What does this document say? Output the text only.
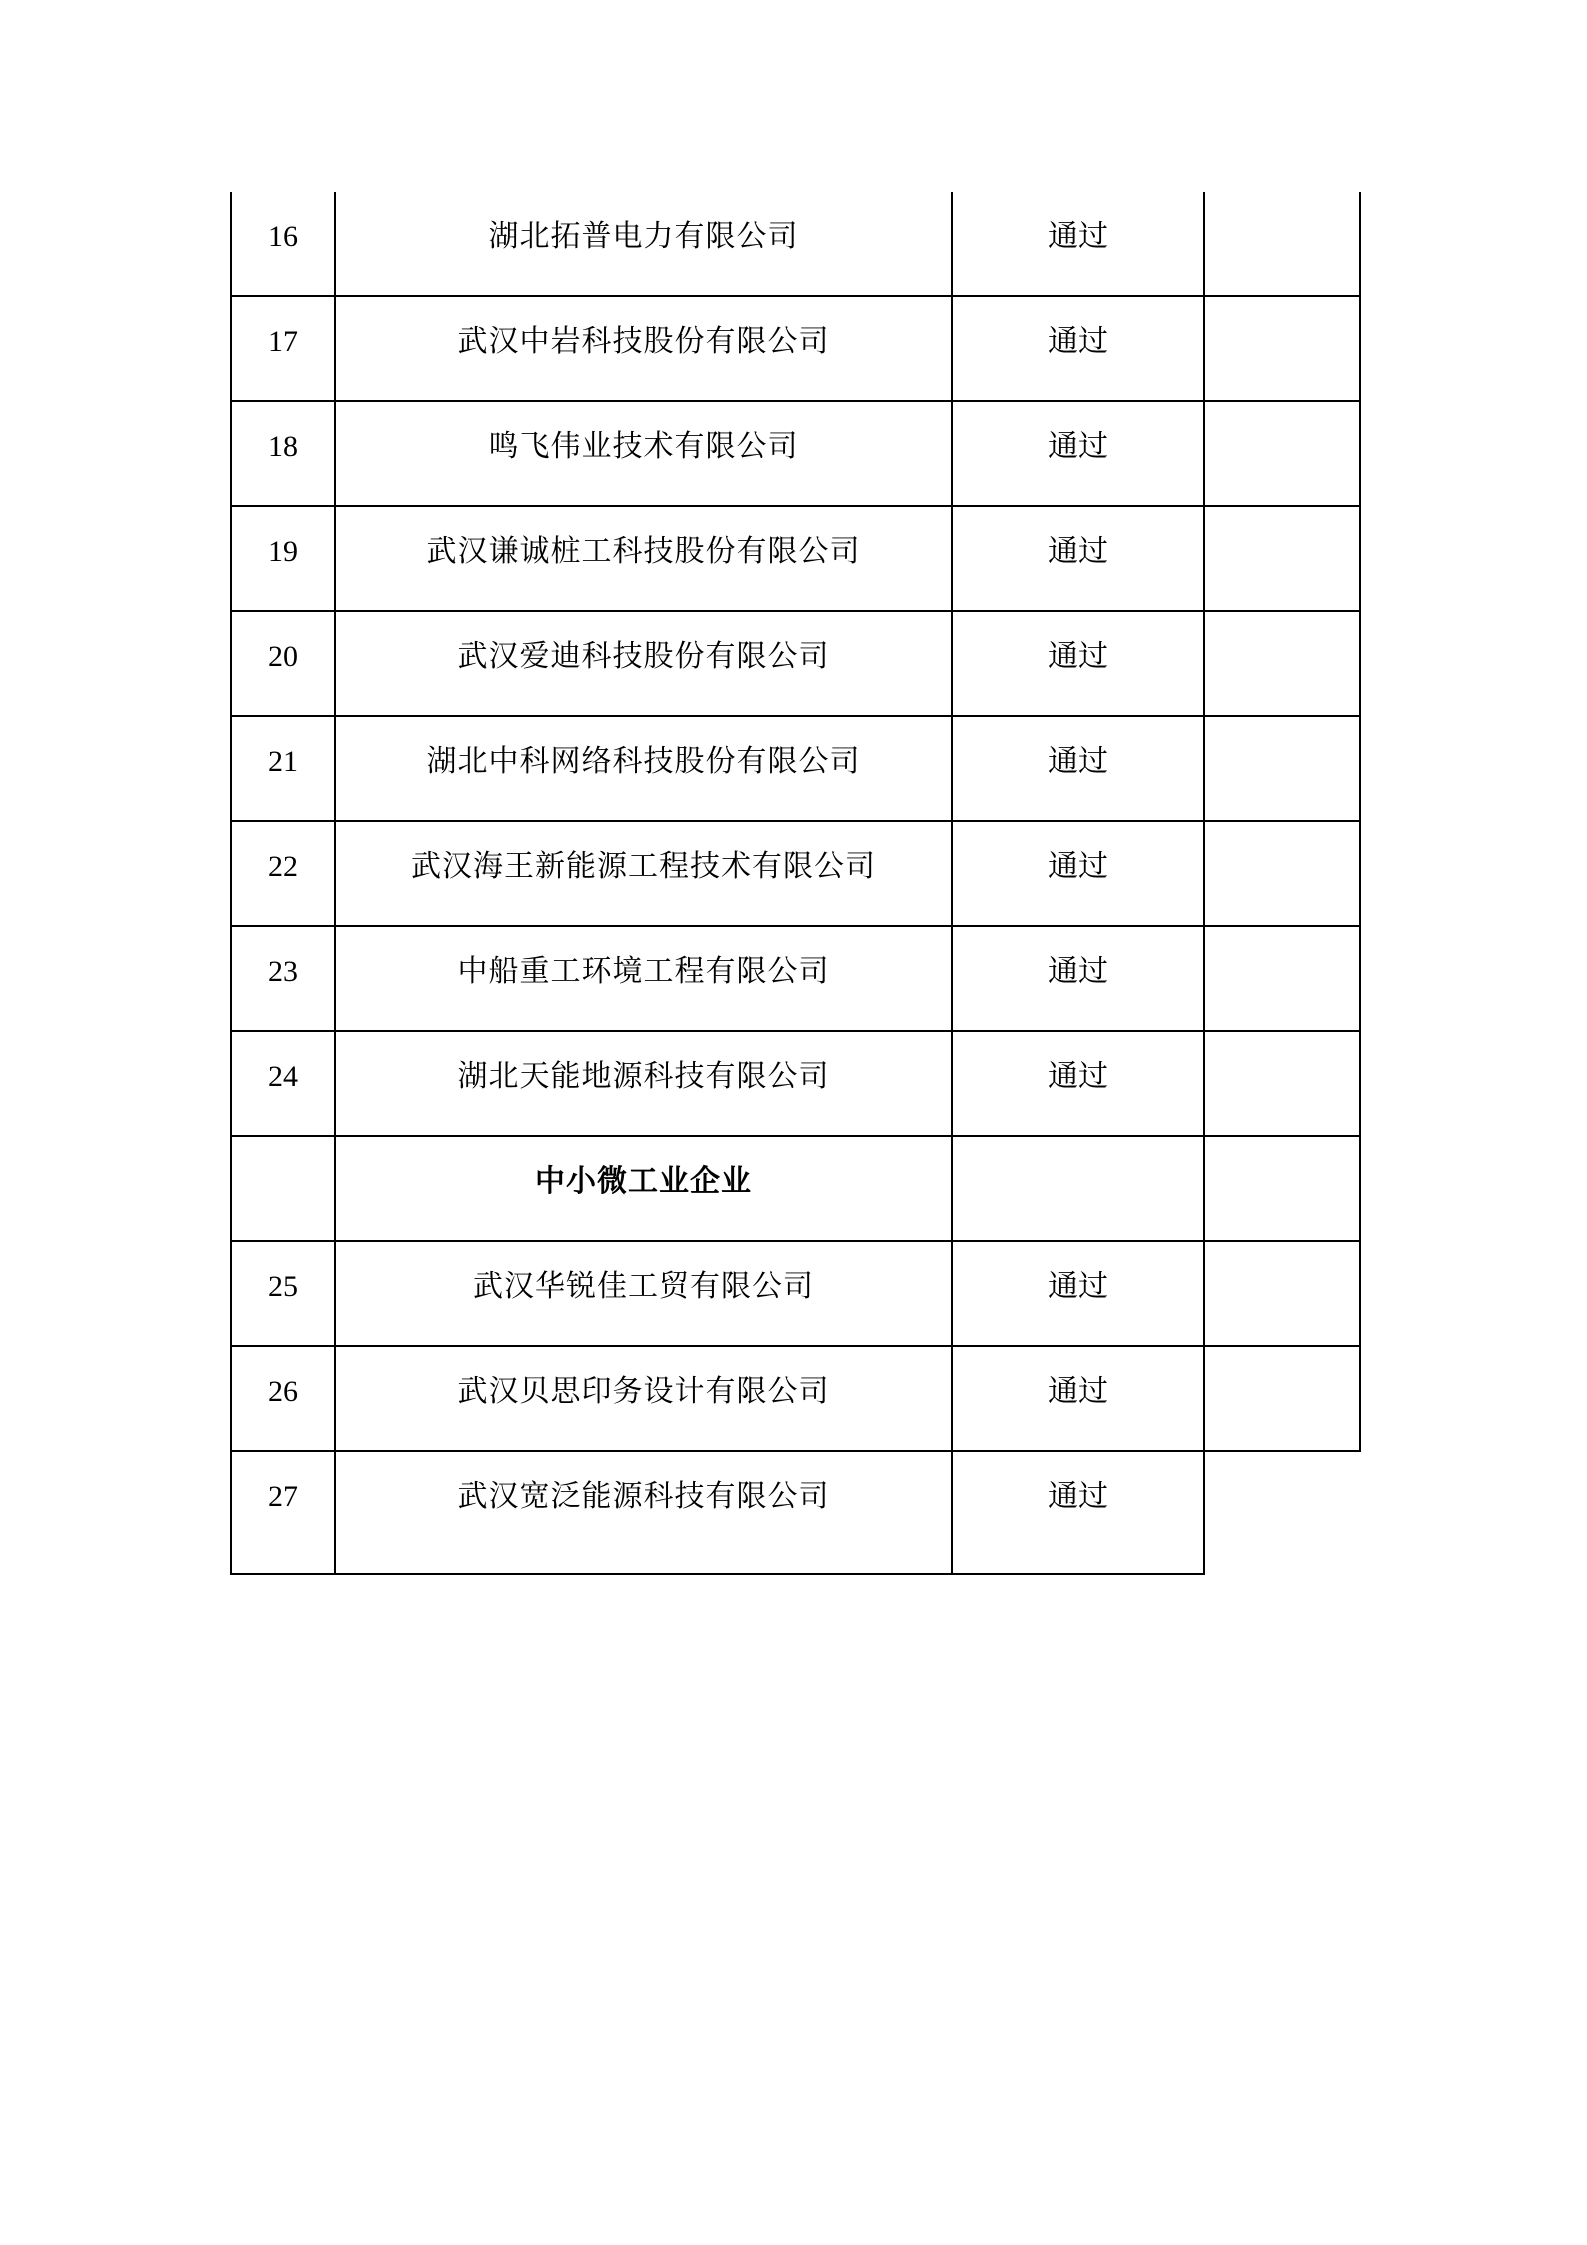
16	湖北拓普电力有限公司	通过
17	武汉中岩科技股份有限公司	通过
18	鸣飞伟业技术有限公司	通过
19	武汉谦诚桩工科技股份有限公司	通过
20	武汉爱迪科技股份有限公司	通过
21	湖北中科网络科技股份有限公司	通过
22	武汉海王新能源工程技术有限公司	通过
23	中船重工环境工程有限公司	通过
24	湖北天能地源科技有限公司	通过
中小微工业企业
25	武汉华锐佳工贸有限公司	通过
26	武汉贝思印务设计有限公司	通过
27	武汉宽泛能源科技有限公司	通过
